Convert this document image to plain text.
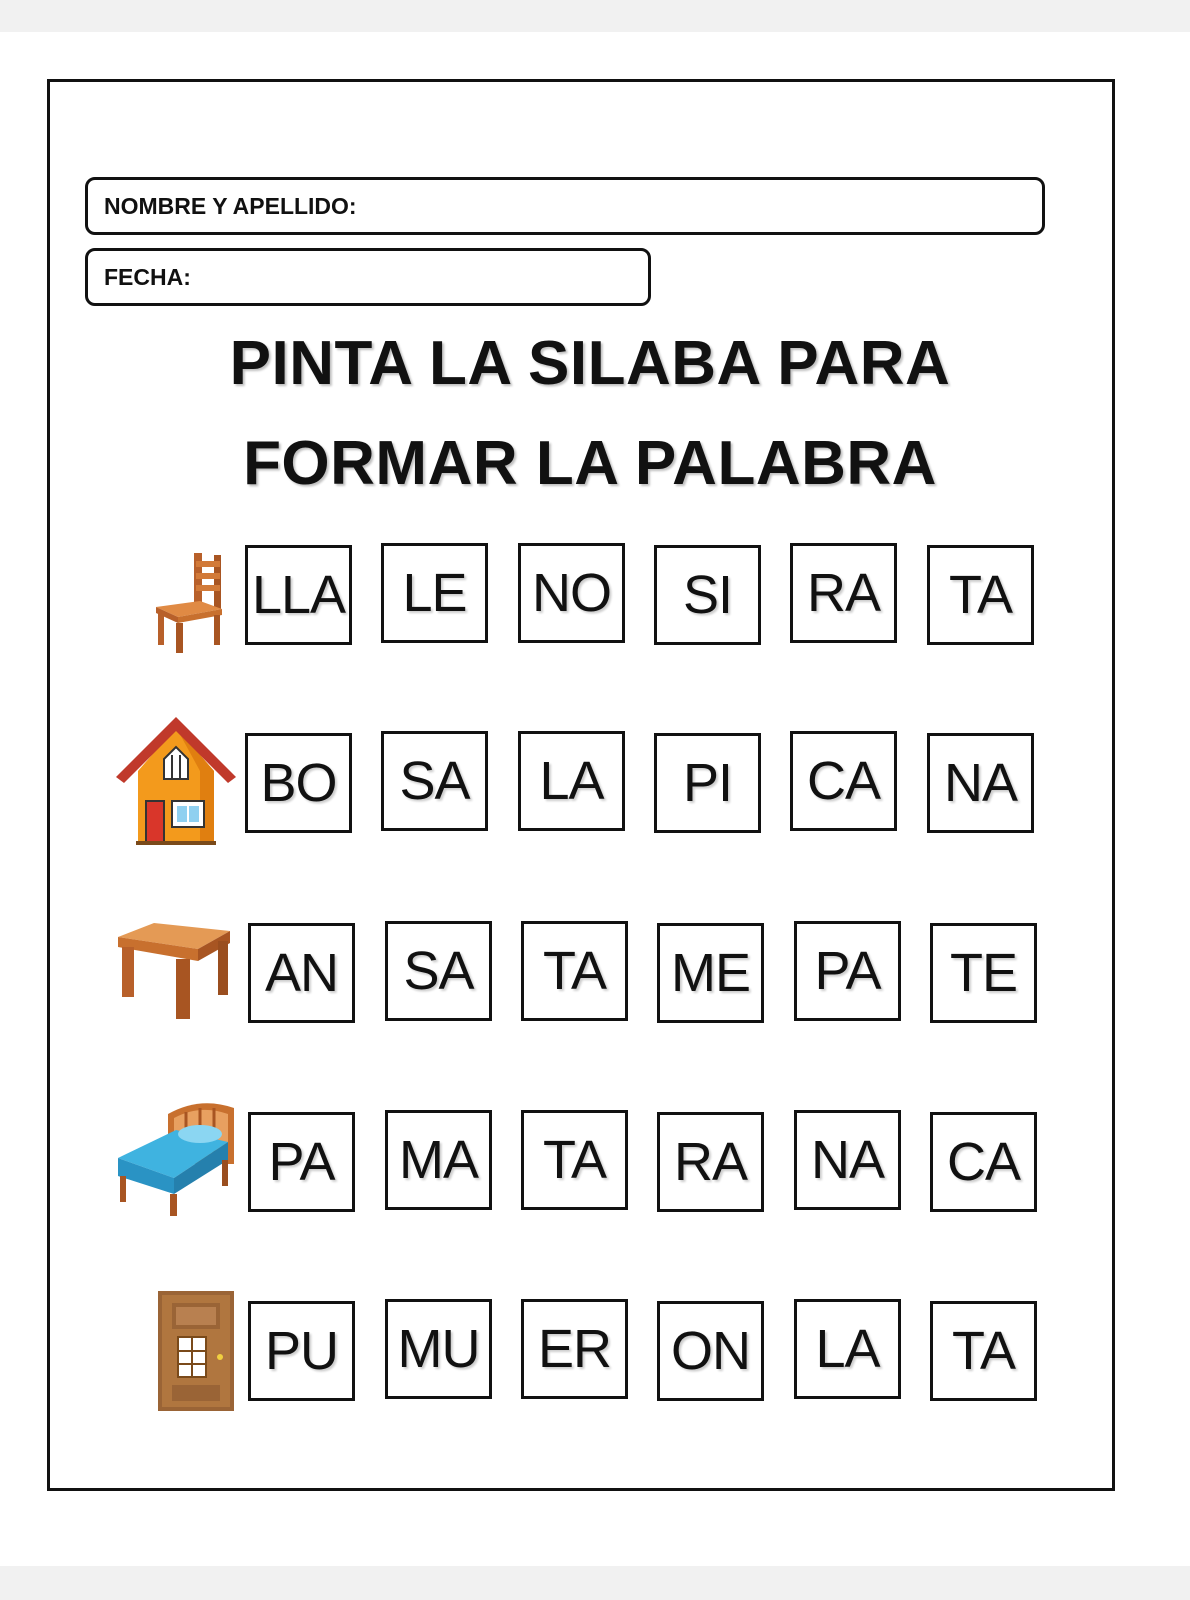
NOMBRE Y APELLIDO:
FECHA:
PINTA LA SILABA PARA
FORMAR LA PALABRA
LLA	LE	NO	SI	RA	TA
BO	SA	LA	PI	CA	NA
AN	SA	TA	ME	PA	TE
PA	MA	TA	RA	NA	CA
PU	MU	ER	ON	LA	TA
